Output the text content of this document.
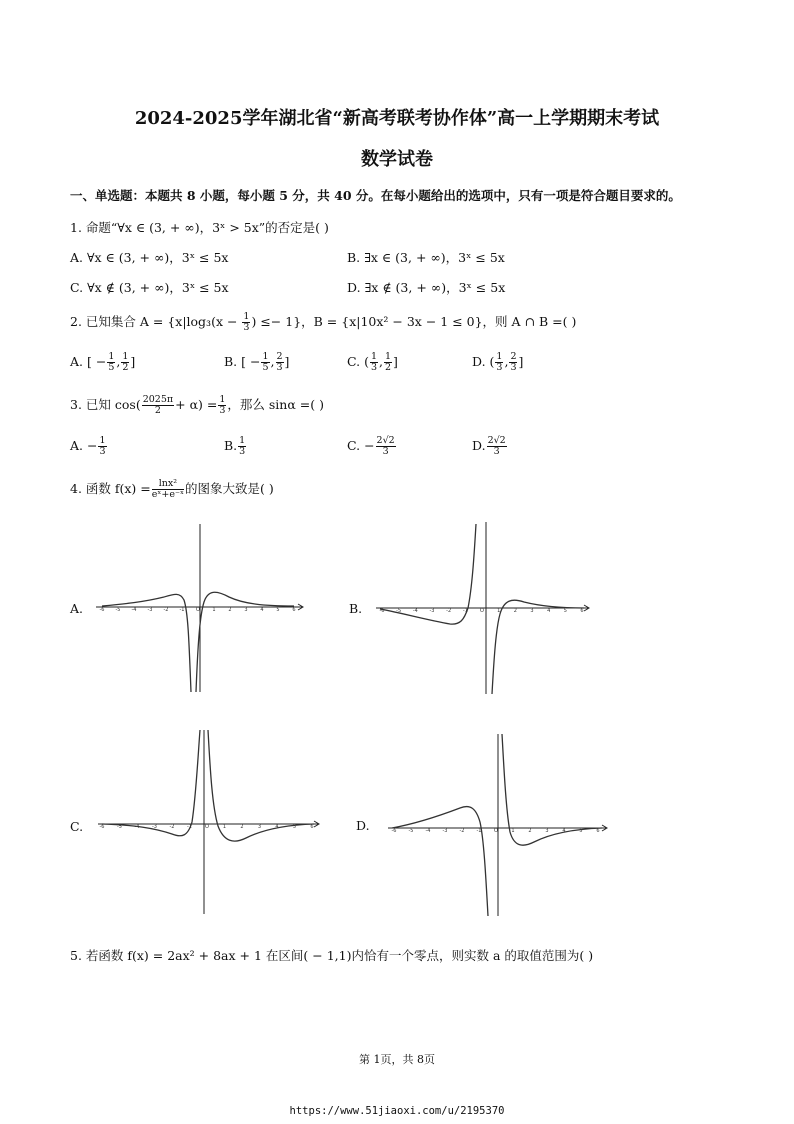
2024-2025学年湖北省“新高考联考协作体”高一上学期期末考试
数学试卷
一、单选题：本题共 8 小题，每小题 5 分，共 40 分。在每小题给出的选项中，只有一项是符合题目要求的。
1. 命题“∀x ∈ (3, + ∞)，3ˣ > 5x”的否定是( )
A. ∀x ∈ (3, + ∞)，3ˣ ≤ 5x	B. ∃x ∈ (3, + ∞)，3ˣ ≤ 5x
C. ∀x ∉ (3, + ∞)，3ˣ ≤ 5x	D. ∃x ∉ (3, + ∞)，3ˣ ≤ 5x
2. 已知集合 $A = \{x|\log_3(x - \frac{1}{3}$ ) ≤− 1}，B = {x|10x² − 3x − 1 ≤ 0}，则 A ∩ B =( )
A. [ − $\frac{1}{5}$ , $\frac{1}{2}$ ]	B. [ − $\frac{1}{5}$ , $\frac{2}{3}$ ]	C. ( $\frac{1}{3}$ , $\frac{1}{2}$ ]	D. ( $\frac{1}{3}$ , $\frac{2}{3}$ ]
3. 已知 $\cos( \frac{2025\pi}{2} + \alpha) = \frac{1}{3}$ ，那么 sinα =( )
A. − $\frac{1}{3}$	B. $\frac{1}{3}$	C. − $\frac{2√2}{3}$	D. $\frac{2√2}{3}$
4. 函数 $f(x) = \frac{\text{lnx²}}{\text{eˣ+e⁻ˣ}}$ 的图象大致是( )
A.	B.
C.	D.
-6 -5 -4 -3 -2 -1 O 1	2	3	4	5	6	-6 -5 -4 -3 -2 -1 O	1	2	3	4	5	6
-6	-5	-4	-3	-2	-1	O	1	2	3	4	5	6
-6 -5 -4 -3 -2 -1	O	1	2	3	4	5	6
5. 若函数 f(x) = 2ax² + 8ax + 1 在区间( − 1,1)内恰有一个零点，则实数 a 的取值范围为( )
第 1页，共 8页
https://www.51jiaoxi.com/u/2195370
